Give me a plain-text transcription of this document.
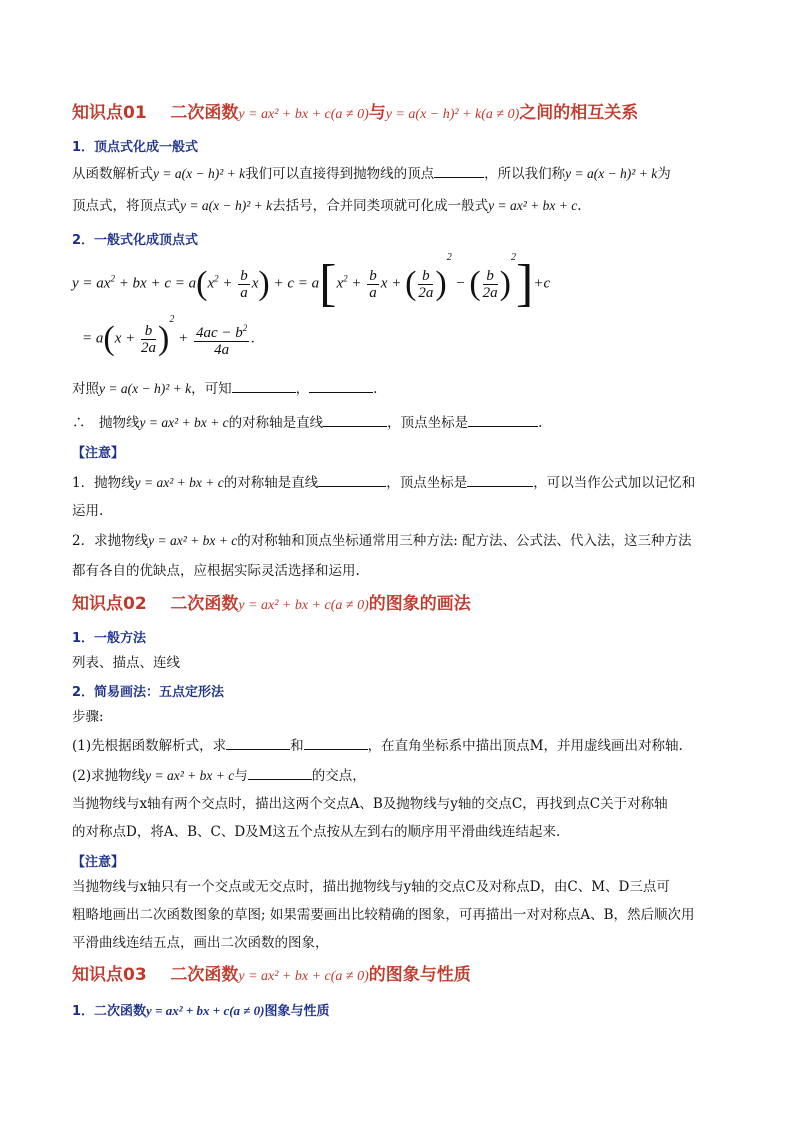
知识点01 二次函数y = ax² + bx + c(a ≠ 0)与y = a(x − h)² + k(a ≠ 0)之间的相互关系
1．顶点式化成一般式
从函数解析式y = a(x − h)² + k我们可以直接得到抛物线的顶点	，所以我们称y = a(x − h)² + k为
顶点式，将顶点式y = a(x − h)² + k去括号，合并同类项就可化成一般式y = ax² + bx + c.
2．一般式化成顶点式
$y = ax^2$ + bx + $c = a(x^2 + \frac{b}{a} x) + c = a[x^2 + \frac{b}{a}$ x + ( $\frac{b}{2a} )2$ − ( $\frac{b}{2a} )2]+c$
= $a(x + \frac{b}{2a} )2 + \frac{4ac - b^2}{4a}$ .
对照y = a(x − h)² + k，可知	，	.
∴　抛物线y = ax² + bx + c的对称轴是直线	，顶点坐标是	.
【注意】
1．抛物线y = ax² + bx + c的对称轴是直线	，顶点坐标是	，可以当作公式加以记忆和
运用.
2．求抛物线y = ax² + bx + c的对称轴和顶点坐标通常用三种方法: 配方法、公式法、代入法，这三种方法
都有各自的优缺点，应根据实际灵活选择和运用.
知识点02 二次函数y = ax² + bx + c(a ≠ 0)的图象的画法
1．一般方法
列表、描点、连线
2．简易画法：五点定形法
步骤:
(1)先根据函数解析式，求	和	，在直角坐标系中描出顶点M，并用虚线画出对称轴.
(2)求抛物线y = ax² + bx + c与	的交点，
当抛物线与x轴有两个交点时，描出这两个交点A、B及抛物线与y轴的交点C，再找到点C关于对称轴
的对称点D，将A、B、C、D及M这五个点按从左到右的顺序用平滑曲线连结起来.
【注意】
当抛物线与x轴只有一个交点或无交点时，描出抛物线与y轴的交点C及对称点D，由C、M、D三点可
粗略地画出二次函数图象的草图; 如果需要画出比较精确的图象，可再描出一对对称点A、B，然后顺次用
平滑曲线连结五点，画出二次函数的图象，
知识点03 二次函数y = ax² + bx + c(a ≠ 0)的图象与性质
1．二次函数y = ax² + bx + c(a ≠ 0)图象与性质
